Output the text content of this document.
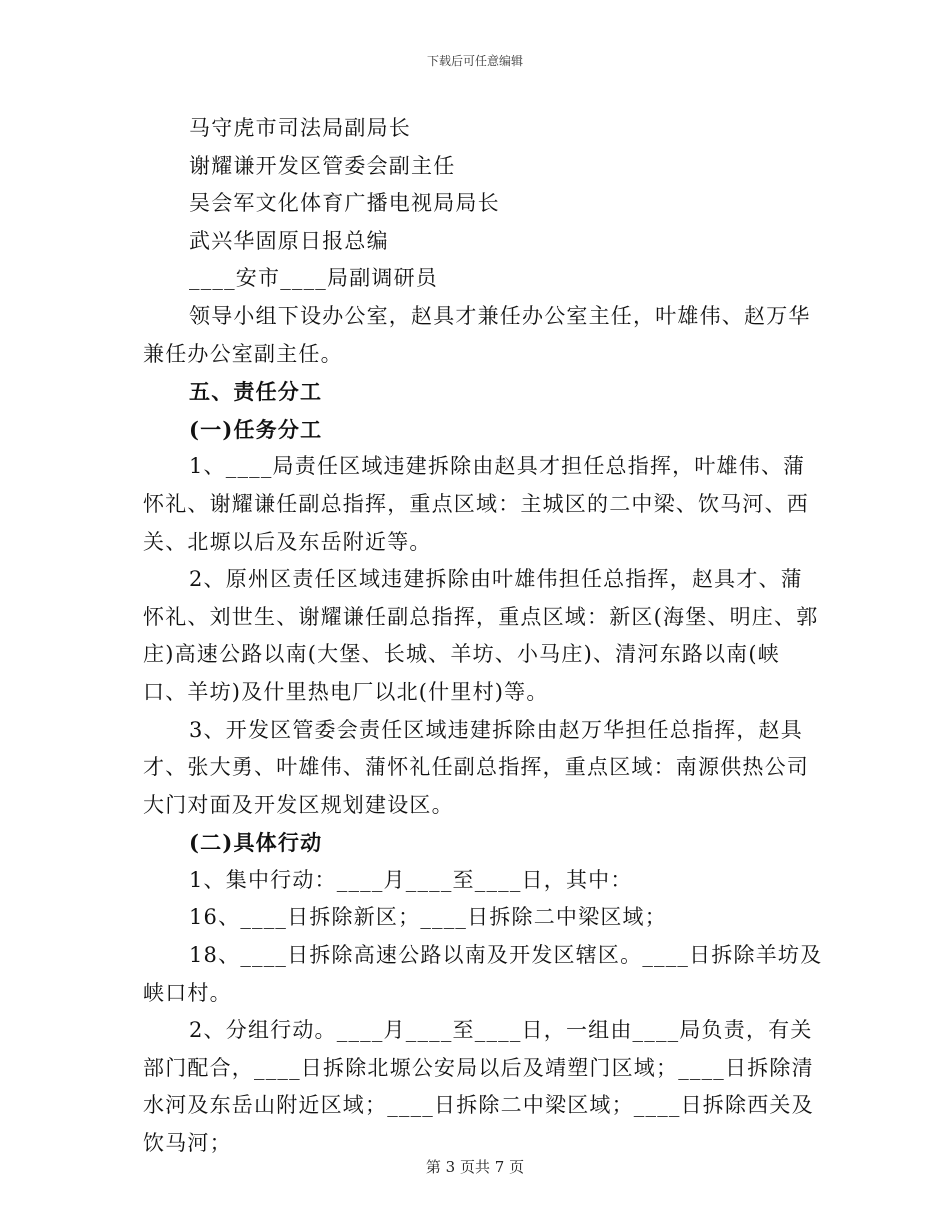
下载后可任意编辑

马守虎市司法局副局长

谢耀谦开发区管委会副主任

吴会军文化体育广播电视局局长

武兴华固原日报总编

____安市____局副调研员

领导小组下设办公室，赵具才兼任办公室主任，叶雄伟、赵万华兼任办公室副主任。

五、责任分工

(一)任务分工

1、____局责任区域违建拆除由赵具才担任总指挥，叶雄伟、蒲怀礼、谢耀谦任副总指挥，重点区域：主城区的二中梁、饮马河、西关、北塬以后及东岳附近等。

2、原州区责任区域违建拆除由叶雄伟担任总指挥，赵具才、蒲怀礼、刘世生、谢耀谦任副总指挥，重点区域：新区(海堡、明庄、郭庄)高速公路以南(大堡、长城、羊坊、小马庄)、清河东路以南(峡口、羊坊)及什里热电厂以北(什里村)等。

3、开发区管委会责任区域违建拆除由赵万华担任总指挥，赵具才、张大勇、叶雄伟、蒲怀礼任副总指挥，重点区域：南源供热公司大门对面及开发区规划建设区。

(二)具体行动

1、集中行动：____月____至____日，其中：

16、____日拆除新区；____日拆除二中梁区域；

18、____日拆除高速公路以南及开发区辖区。____日拆除羊坊及峡口村。

2、分组行动。____月____至____日，一组由____局负责，有关部门配合，____日拆除北塬公安局以后及靖塑门区域；____日拆除清水河及东岳山附近区域；____日拆除二中梁区域；____日拆除西关及饮马河；

第 3 页共 7 页
